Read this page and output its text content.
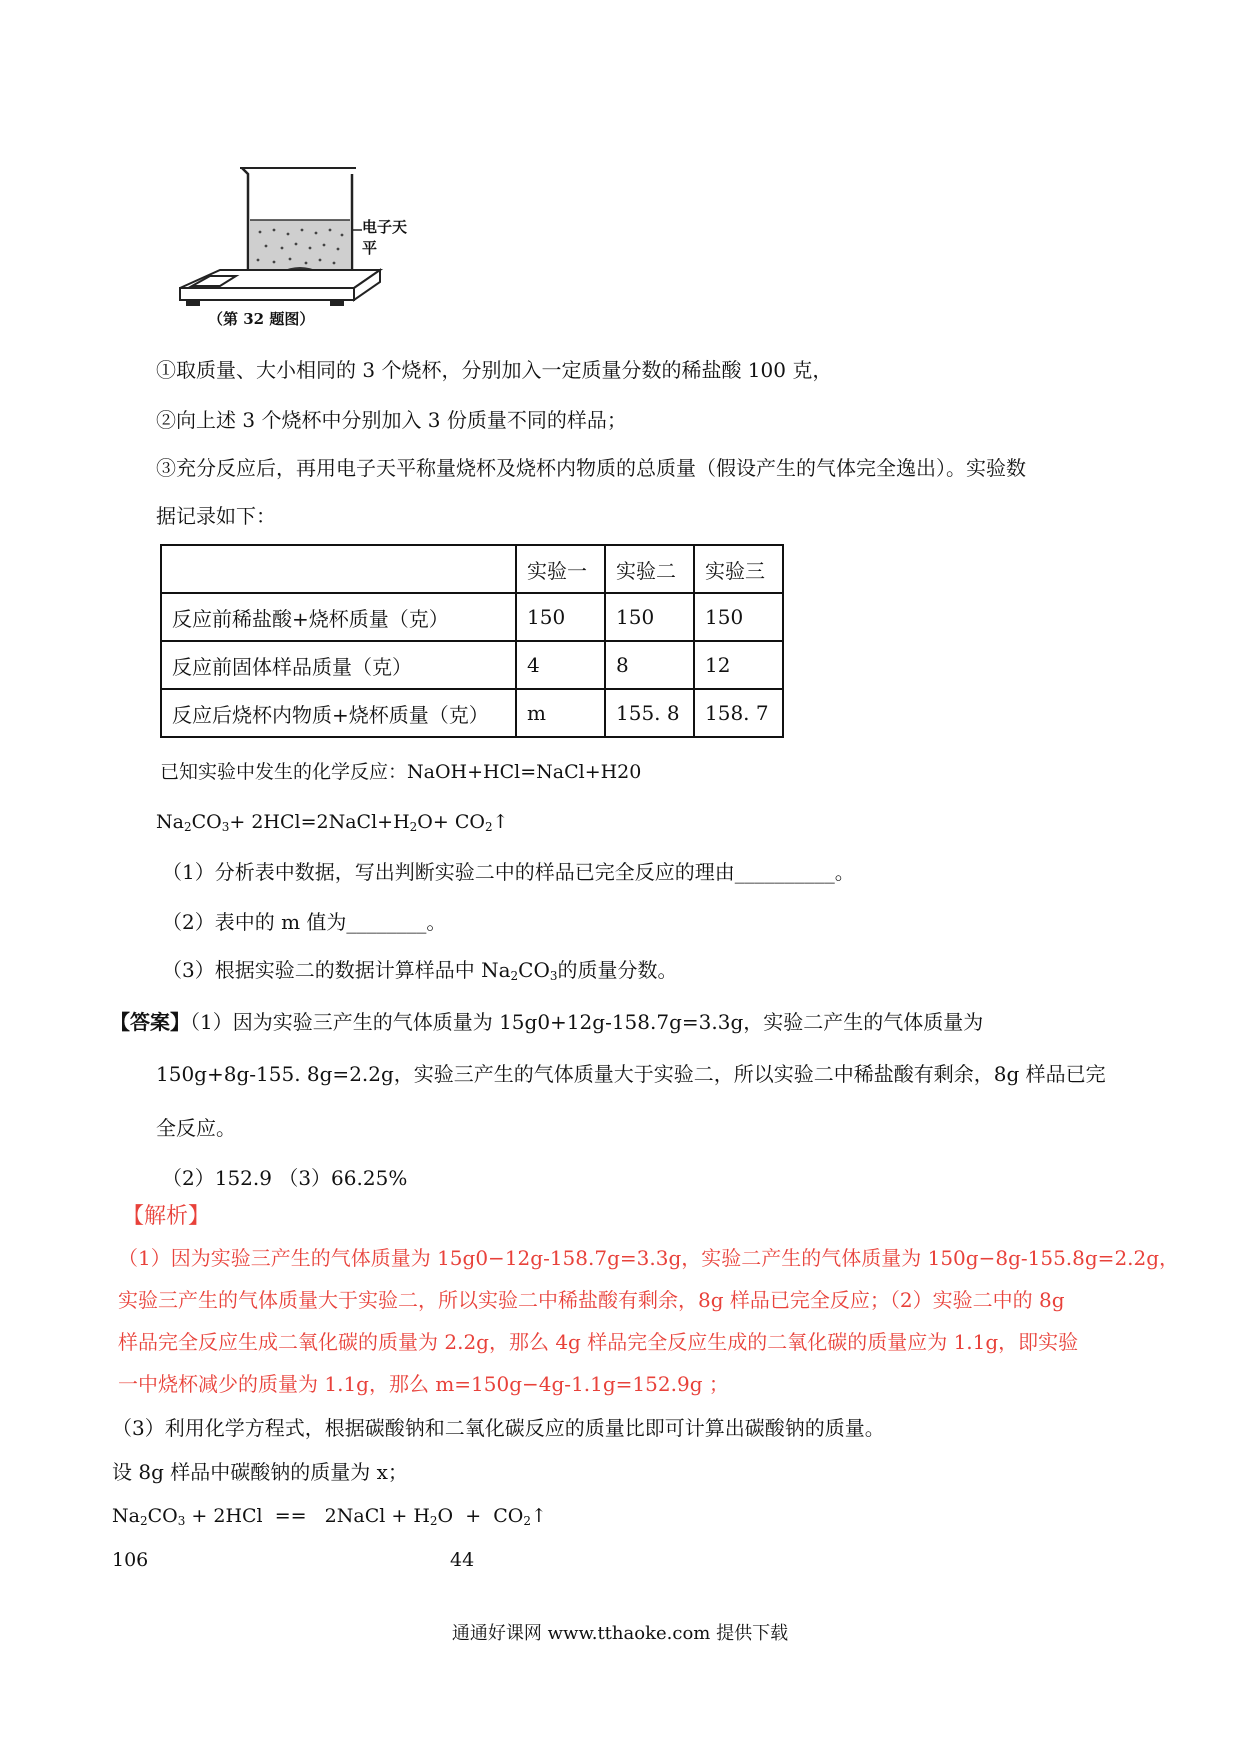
电子天平
（第 32 题图）
①取质量、大小相同的 3 个烧杯，分别加入一定质量分数的稀盐酸 100 克，
②向上述 3 个烧杯中分别加入 3 份质量不同的样品；
③充分反应后，再用电子天平称量烧杯及烧杯内物质的总质量（假设产生的气体完全逸出）。实验数
据记录如下：
	实验一	实验二	实验三
反应前稀盐酸+烧杯质量（克）	150	150	150
反应前固体样品质量（克）	4	8	12
反应后烧杯内物质+烧杯质量（克）	m	155. 8	158. 7
已知实验中发生的化学反应：NaOH+HCl=NaCl+H20
$Na_2CO_3+$ $2HCl=2NaCl+H_2O+$ $CO_2↑$
（1）分析表中数据，写出判断实验二中的样品已完全反应的理由__________。
（2）表中的 m 值为________。
（3）根据实验二的数据计算样品中 $Na_2CO_3$的质量分数。
【答案】（1）因为实验三产生的气体质量为 15g0+12g-158.7g=3.3g，实验二产生的气体质量为
150g+8g-155. 8g=2.2g，实验三产生的气体质量大于实验二，所以实验二中稀盐酸有剩余，8g 样品已完
全反应。
（2）152.9 （3）66.25%
【解析】
（1）因为实验三产生的气体质量为 15g0−12g-158.7g=3.3g，实验二产生的气体质量为 150g−8g-155.8g=2.2g，
实验三产生的气体质量大于实验二，所以实验二中稀盐酸有剩余，8g 样品已完全反应；（2）实验二中的 8g
样品完全反应生成二氧化碳的质量为 2.2g，那么 4g 样品完全反应生成的二氧化碳的质量应为 1.1g，即实验
一中烧杯减少的质量为 1.1g，那么 m=150g−4g-1.1g=152.9g ；
（3）利用化学方程式，根据碳酸钠和二氧化碳反应的质量比即可计算出碳酸钠的质量。
设 8g 样品中碳酸钠的质量为 x；
$Na_2CO_3 + 2HCl$  ==   2NaCl + $H_2O$  +  $CO_2↑$
106	44
通通好课网 www.tthaoke.com 提供下载
